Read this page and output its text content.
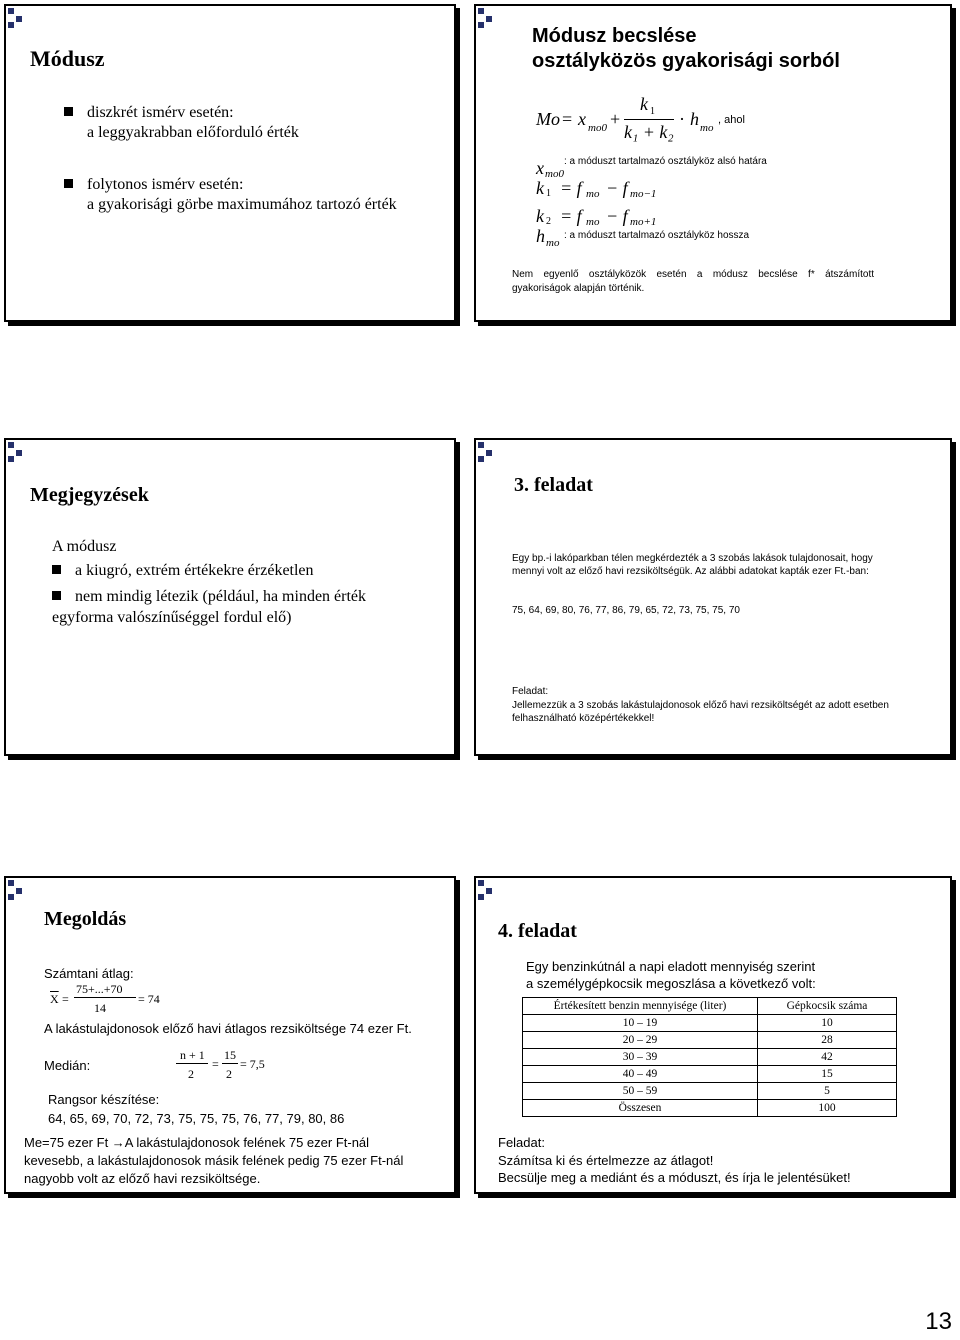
Módusz
diszkrét ismérv esetén:
a leggyakrabban előforduló érték
folytonos ismérv esetén:
a gyakorisági görbe maximumához tartozó érték
Módusz becslése
osztályközös gyakorisági sorból
Mo = x mo0 +
k 1
k₁ + k₂
· h mo
, ahol
x mo0
: a móduszt tartalmazó osztályköz alsó határa
k 1 = f mo − f mo−1
k 2 = f mo − f mo+1
h mo
: a móduszt tartalmazó osztályköz hossza
Nem egyenlő osztályközök esetén a módusz becslése f* átszámított gyakoriságok alapján történik.
Megjegyzések
A módusz
a kiugró, extrém értékekre érzéketlen
nem mindig létezik (például, ha minden érték
egyforma valószínűséggel fordul elő)
3. feladat
Egy bp.-i lakóparkban télen megkérdezték a 3 szobás lakások tulajdonosait, hogy mennyi volt az előző havi rezsiköltségük. Az alábbi adatokat kapták ezer Ft.-ban:
75, 64, 69, 80, 76, 77, 86, 79, 65, 72, 73, 75, 75, 70
Feladat:
Jellemezzük a 3 szobás lakástulajdonosok előző havi rezsiköltségét az adott esetben felhasználható középértékekkel!
Megoldás
Számtani átlag:
$\overline{X}$ =
75+...+70
14
= 74
A lakástulajdonosok előző havi átlagos rezsiköltsége 74 ezer Ft.
Medián:
n + 1
2
=
15
2
= 7,5
Rangsor készítése:
64, 65, 69, 70, 72, 73, 75, 75, 75, 76, 77, 79, 80, 86
Me=75 ezer Ft →A lakástulajdonosok felének 75 ezer Ft-nál kevesebb, a lakástulajdonosok másik felének pedig 75 ezer Ft-nál nagyobb volt az előző havi rezsiköltsége.
4. feladat
Egy benzinkútnál a napi eladott mennyiség szerint
a személygépkocsik megoszlása a következő volt:
Értékesített benzin mennyisége (liter)	Gépkocsik száma
10 – 19	10
20 – 29	28
30 – 39	42
40 – 49	15
50 – 59	5
Összesen	100
Feladat:
Számítsa ki és értelmezze az átlagot!
Becsülje meg a mediánt és a móduszt, és írja le jelentésüket!
13
